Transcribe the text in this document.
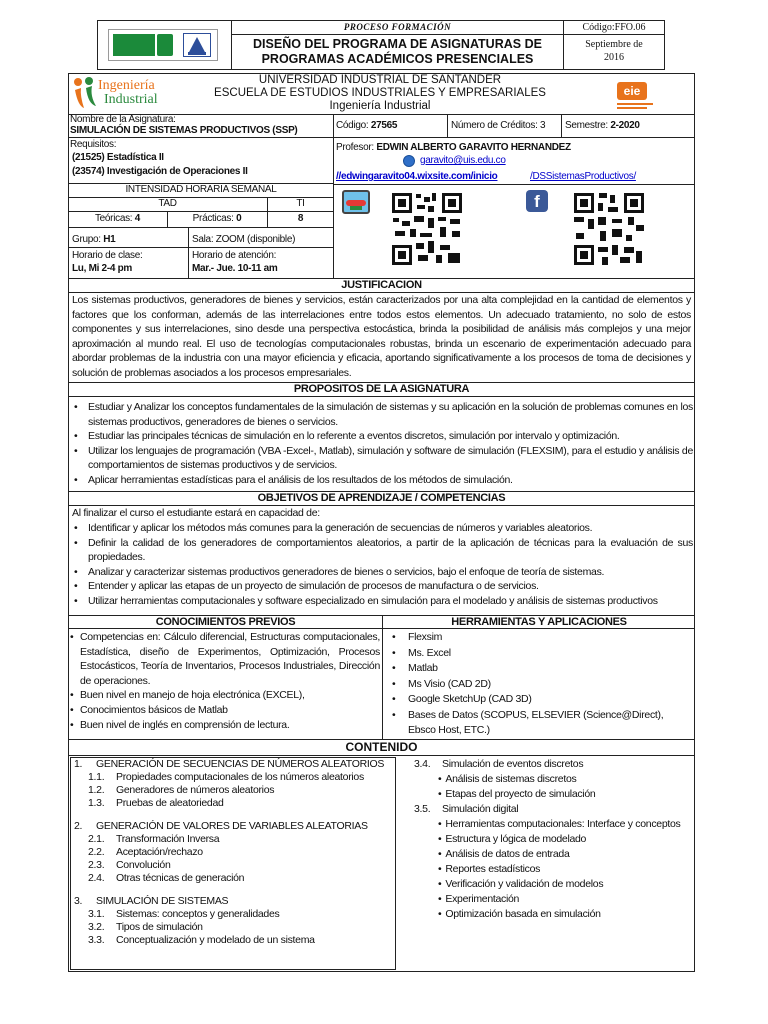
PROCESO FORMACIÓN
DISEÑO DEL PROGRAMA DE ASIGNATURAS DE
PROGRAMAS ACADÉMICOS PRESENCIALES
Código:FFO.06
Septiembre de 2016
Ingeniería
Industrial
UNIVERSIDAD INDUSTRIAL DE SANTANDER
ESCUELA DE ESTUDIOS INDUSTRIALES Y EMPRESARIALES
Ingeniería Industrial
eie
Nombre de la Asignatura:
SIMULACIÓN DE SISTEMAS PRODUCTIVOS (SSP)	Código: 27565	Número de Créditos: 3 Semestre: 2-2020
Requisitos:
(21525) Estadística II
(23574) Investigación de Operaciones II
INTENSIDAD HORARIA SEMANAL
TAD	TI
Teóricas: 4	Prácticas: 0	8
Grupo: H1	Sala: ZOOM (disponible)
Horario de clase:
Lu, Mi 2-4 pm
Horario de atención:
Mar.- Jue. 10-11 am
Profesor: EDWIN ALBERTO GARAVITO HERNANDEZ
garavito@uis.edu.co
//edwingaravito04.wixsite.com/inicio	/DSSistemasProductivos/
f
JUSTIFICACION
Los sistemas productivos, generadores de bienes y servicios, están caracterizados por una alta complejidad en la cantidad de elementos y factores que los conforman, además de las interrelaciones entre todos estos elementos. Un adecuado tratamiento, no solo de estos componentes y sus interrelaciones, sino desde una perspectiva estocástica, brinda la posibilidad de análisis más complejos y una mejor aproximación al mundo real. El uso de tecnologías computacionales robustas, brinda un escenario de experimentación adecuado para abordar problemas de la industria con una mayor eficiencia y eficacia, aportando significativamente a los procesos de toma de decisiones y solución de problemas asociados a los procesos empresariales.
PROPOSITOS DE LA ASIGNATURA
• Estudiar y Analizar los conceptos fundamentales de la simulación de sistemas y su aplicación en la solución de problemas comunes en los sistemas productivos, generadores de bienes o servicios.
• Estudiar las principales técnicas de simulación en lo referente a eventos discretos, simulación por intervalo y optimización.
• Utilizar los lenguajes de programación (VBA -Excel-, Matlab), simulación y software de simulación (FLEXSIM), para el estudio y análisis de comportamientos de sistemas productivos y de servicios.
• Aplicar herramientas estadísticas para el análisis de los resultados de los métodos de simulación.
OBJETIVOS DE APRENDIZAJE / COMPETENCIAS
Al finalizar el curso el estudiante estará en capacidad de:
• Identificar y aplicar los métodos más comunes para la generación de secuencias de números y variables aleatorios.
• Definir la calidad de los generadores de comportamientos aleatorios, a partir de la aplicación de técnicas para la evaluación de sus propiedades.
• Analizar y caracterizar sistemas productivos generadores de bienes o servicios, bajo el enfoque de teoría de sistemas.
• Entender y aplicar las etapas de un proyecto de simulación de procesos de manufactura o de servicios.
• Utilizar herramientas computacionales y software especializado en simulación para el modelado y análisis de sistemas productivos
CONOCIMIENTOS PREVIOS	HERRAMIENTAS Y APLICACIONES
• Competencias en: Cálculo diferencial, Estructuras computacionales, Estadística, diseño de Experimentos, Optimización, Procesos Estocásticos, Teoría de Inventarios, Procesos Industriales, Dirección de operaciones.
• Buen nivel en manejo de hoja electrónica (EXCEL),
• Conocimientos básicos de Matlab
• Buen nivel de inglés en comprensión de lectura.
• Flexsim
• Ms. Excel
• Matlab
• Ms Visio (CAD 2D)
• Google SketchUp (CAD 3D)
• Bases de Datos (SCOPUS, ELSEVIER (Science@Direct), Ebsco Host, ETC.)
CONTENIDO
1. GENERACIÓN DE SECUENCIAS DE NÚMEROS ALEATORIOS
1.1. Propiedades computacionales de los números aleatorios
1.2. Generadores de números aleatorios
1.3. Pruebas de aleatoriedad
2. GENERACIÓN DE VALORES DE VARIABLES ALEATORIAS
2.1. Transformación Inversa
2.2. Aceptación/rechazo
2.3. Convolución
2.4. Otras técnicas de generación
3. SIMULACIÓN DE SISTEMAS
3.1. Sistemas: conceptos y generalidades
3.2. Tipos de simulación
3.3. Conceptualización y modelado de un sistema
3.4. Simulación de eventos discretos
• Análisis de sistemas discretos
• Etapas del proyecto de simulación
3.5. Simulación digital
• Herramientas computacionales: Interface y conceptos
• Estructura y lógica de modelado
• Análisis de datos de entrada
• Reportes estadísticos
• Verificación y validación de modelos
• Experimentación
• Optimización basada en simulación
